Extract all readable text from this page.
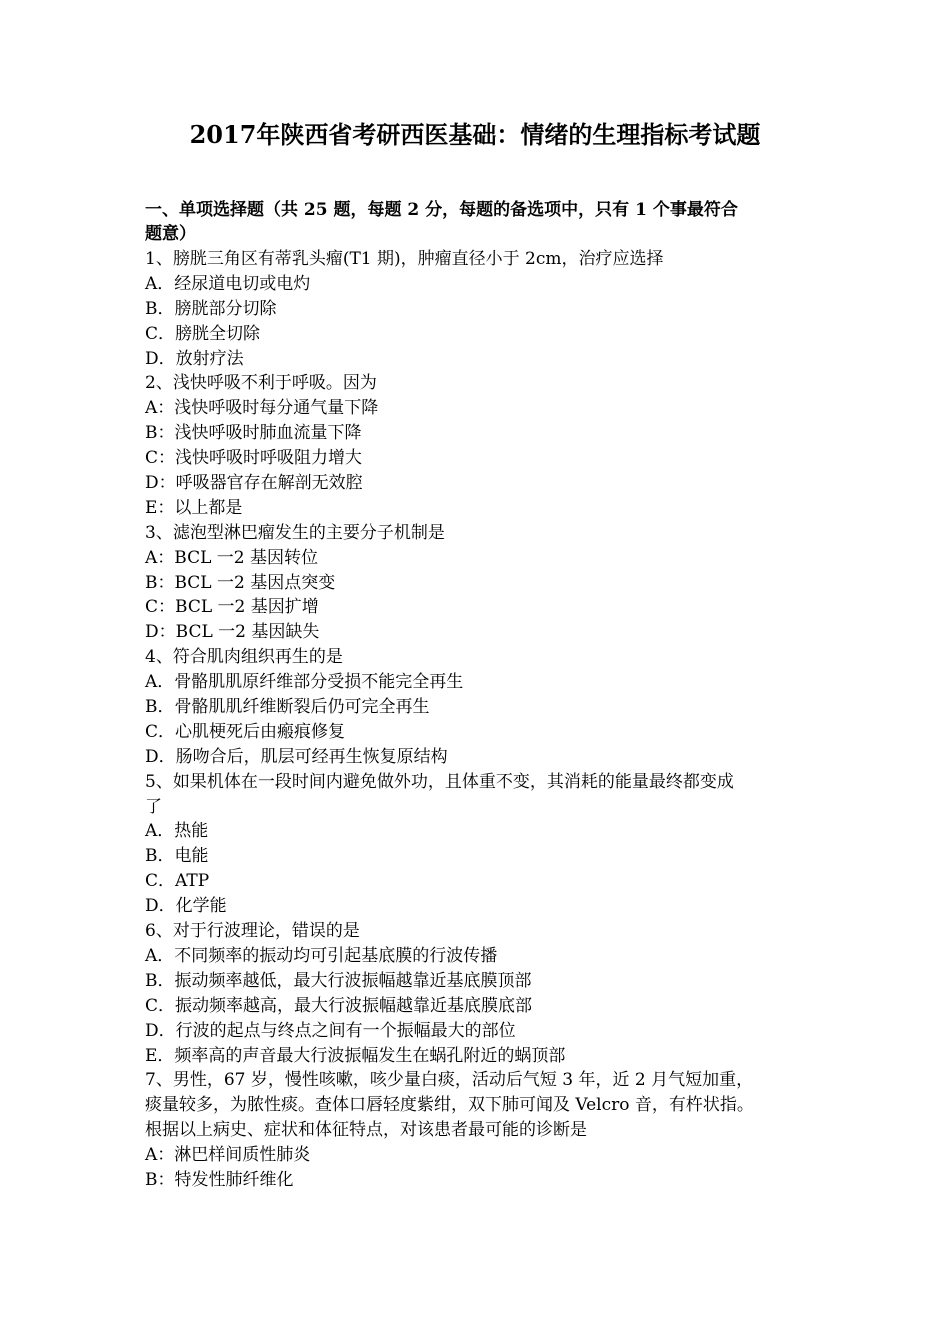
2017年陕西省考研西医基础：情绪的生理指标考试题
一、单项选择题（共 25 题，每题 2 分，每题的备选项中，只有 1 个事最符合
题意）
1、膀胱三角区有蒂乳头瘤(T1 期)，肿瘤直径小于 2cm，治疗应选择
A．经尿道电切或电灼
B．膀胱部分切除
C．膀胱全切除
D．放射疗法
2、浅快呼吸不利于呼吸。因为
A：浅快呼吸时每分通气量下降
B：浅快呼吸时肺血流量下降
C：浅快呼吸时呼吸阻力增大
D：呼吸器官存在解剖无效腔
E：以上都是
3、滤泡型淋巴瘤发生的主要分子机制是
A：BCL 一2 基因转位
B：BCL 一2 基因点突变
C：BCL 一2 基因扩增
D：BCL 一2 基因缺失
4、符合肌肉组织再生的是
A．骨骼肌肌原纤维部分受损不能完全再生
B．骨骼肌肌纤维断裂后仍可完全再生
C．心肌梗死后由瘢痕修复
D．肠吻合后，肌层可经再生恢复原结构
5、如果机体在一段时间内避免做外功，且体重不变，其消耗的能量最终都变成
了
A．热能
B．电能
C．ATP
D．化学能
6、对于行波理论，错误的是
A．不同频率的振动均可引起基底膜的行波传播
B．振动频率越低，最大行波振幅越靠近基底膜顶部
C．振动频率越高，最大行波振幅越靠近基底膜底部
D．行波的起点与终点之间有一个振幅最大的部位
E．频率高的声音最大行波振幅发生在蜗孔附近的蜗顶部
7、男性，67 岁，慢性咳嗽，咳少量白痰，活动后气短 3 年，近 2 月气短加重，
痰量较多，为脓性痰。查体口唇轻度紫绀，双下肺可闻及 Velcro 音，有杵状指。
根据以上病史、症状和体征特点，对该患者最可能的诊断是
A：淋巴样间质性肺炎
B：特发性肺纤维化
